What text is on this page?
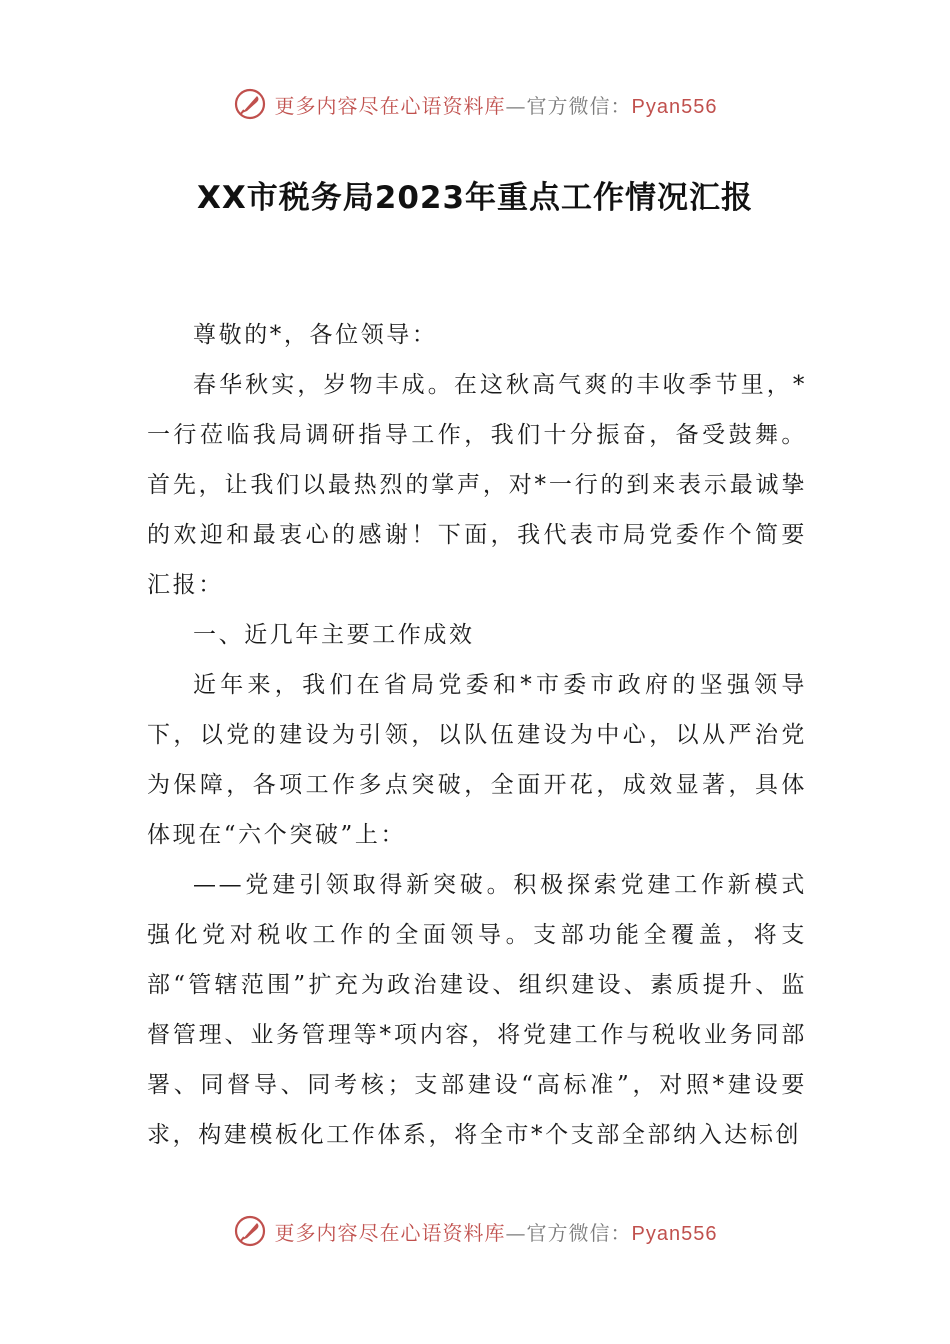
更多内容尽在心语资料库—官方微信：Pyan556
XX市税务局2023年重点工作情况汇报

尊敬的*，各位领导：

春华秋实，岁物丰成。在这秋高气爽的丰收季节里，*一行莅临我局调研指导工作，我们十分振奋，备受鼓舞。首先，让我们以最热烈的掌声，对*一行的到来表示最诚挚的欢迎和最衷心的感谢！下面，我代表市局党委作个简要汇报：

一、近几年主要工作成效

近年来，我们在省局党委和*市委市政府的坚强领导下，以党的建设为引领，以队伍建设为中心，以从严治党为保障，各项工作多点突破，全面开花，成效显著，具体体现在“六个突破”上：

——党建引领取得新突破。积极探索党建工作新模式强化党对税收工作的全面领导。支部功能全覆盖，将支部“管辖范围”扩充为政治建设、组织建设、素质提升、监督管理、业务管理等*项内容，将党建工作与税收业务同部署、同督导、同考核；支部建设“高标准”，对照*建设要求，构建模板化工作体系，将全市*个支部全部纳入达标创

更多内容尽在心语资料库—官方微信：Pyan556
